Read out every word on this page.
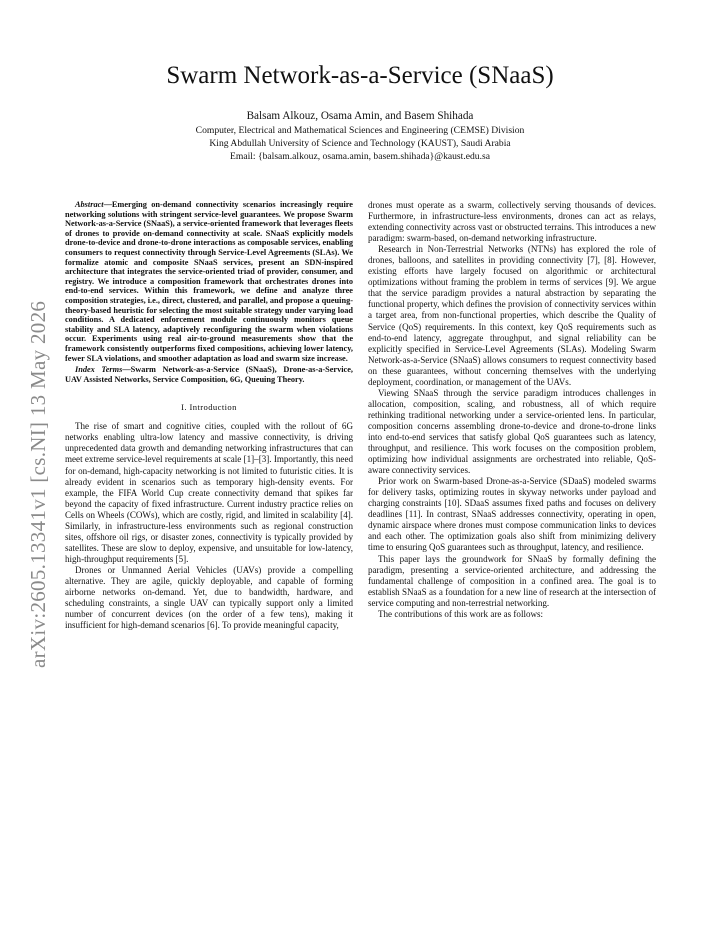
arXiv:2605.13341v1 [cs.NI] 13 May 2026
Swarm Network-as-a-Service (SNaaS)
Balsam Alkouz, Osama Amin, and Basem Shihada
Computer, Electrical and Mathematical Sciences and Engineering (CEMSE) Division
King Abdullah University of Science and Technology (KAUST), Saudi Arabia
Email: {balsam.alkouz, osama.amin, basem.shihada}@kaust.edu.sa

Abstract—Emerging on-demand connectivity scenarios increasingly require networking solutions with stringent service-level guarantees. We propose Swarm Network-as-a-Service (SNaaS), a service-oriented framework that leverages fleets of drones to provide on-demand connectivity at scale. SNaaS explicitly models drone-to-device and drone-to-drone interactions as composable services, enabling consumers to request connectivity through Service-Level Agreements (SLAs). We formalize atomic and composite SNaaS services, present an SDN-inspired architecture that integrates the service-oriented triad of provider, consumer, and registry. We introduce a composition framework that orchestrates drones into end-to-end services. Within this framework, we define and analyze three composition strategies, i.e., direct, clustered, and parallel, and propose a queuing-theory-based heuristic for selecting the most suitable strategy under varying load conditions. A dedicated enforcement module continuously monitors queue stability and SLA latency, adaptively reconfiguring the swarm when violations occur. Experiments using real air-to-ground measurements show that the framework consistently outperforms fixed compositions, achieving lower latency, fewer SLA violations, and smoother adaptation as load and swarm size increase.

Index Terms—Swarm Network-as-a-Service (SNaaS), Drone-as-a-Service, UAV Assisted Networks, Service Composition, 6G, Queuing Theory.

I. Introduction

The rise of smart and cognitive cities, coupled with the rollout of 6G networks enabling ultra-low latency and massive connectivity, is driving unprecedented data growth and demanding networking infrastructures that can meet extreme service-level requirements at scale [1]–[3]. Importantly, this need for on-demand, high-capacity networking is not limited to futuristic cities. It is already evident in scenarios such as temporary high-density events. For example, the FIFA World Cup create connectivity demand that spikes far beyond the capacity of fixed infrastructure. Current industry practice relies on Cells on Wheels (COWs), which are costly, rigid, and limited in scalability [4]. Similarly, in infrastructure-less environments such as regional construction sites, offshore oil rigs, or disaster zones, connectivity is typically provided by satellites. These are slow to deploy, expensive, and unsuitable for low-latency, high-throughput requirements [5].

Drones or Unmanned Aerial Vehicles (UAVs) provide a compelling alternative. They are agile, quickly deployable, and capable of forming airborne networks on-demand. Yet, due to bandwidth, hardware, and scheduling constraints, a single UAV can typically support only a limited number of concurrent devices (on the order of a few tens), making it insufficient for high-demand scenarios [6]. To provide meaningful capacity,

drones must operate as a swarm, collectively serving thousands of devices. Furthermore, in infrastructure-less environments, drones can act as relays, extending connectivity across vast or obstructed terrains. This introduces a new paradigm: swarm-based, on-demand networking infrastructure.

Research in Non-Terrestrial Networks (NTNs) has explored the role of drones, balloons, and satellites in providing connectivity [7], [8]. However, existing efforts have largely focused on algorithmic or architectural optimizations without framing the problem in terms of services [9]. We argue that the service paradigm provides a natural abstraction by separating the functional property, which defines the provision of connectivity services within a target area, from non-functional properties, which describe the Quality of Service (QoS) requirements. In this context, key QoS requirements such as end-to-end latency, aggregate throughput, and signal reliability can be explicitly specified in Service-Level Agreements (SLAs). Modeling Swarm Network-as-a-Service (SNaaS) allows consumers to request connectivity based on these guarantees, without concerning themselves with the underlying deployment, coordination, or management of the UAVs.

Viewing SNaaS through the service paradigm introduces challenges in allocation, composition, scaling, and robustness, all of which require rethinking traditional networking under a service-oriented lens. In particular, composition concerns assembling drone-to-device and drone-to-drone links into end-to-end services that satisfy global QoS guarantees such as latency, throughput, and resilience. This work focuses on the composition problem, optimizing how individual assignments are orchestrated into reliable, QoS-aware connectivity services.

Prior work on Swarm-based Drone-as-a-Service (SDaaS) modeled swarms for delivery tasks, optimizing routes in skyway networks under payload and charging constraints [10]. SDaaS assumes fixed paths and focuses on delivery deadlines [11]. In contrast, SNaaS addresses connectivity, operating in open, dynamic airspace where drones must compose communication links to devices and each other. The optimization goals also shift from minimizing delivery time to ensuring QoS guarantees such as throughput, latency, and resilience.

This paper lays the groundwork for SNaaS by formally defining the paradigm, presenting a service-oriented architecture, and addressing the fundamental challenge of composition in a confined area. The goal is to establish SNaaS as a foundation for a new line of research at the intersection of service computing and non-terrestrial networking.

The contributions of this work are as follows:
